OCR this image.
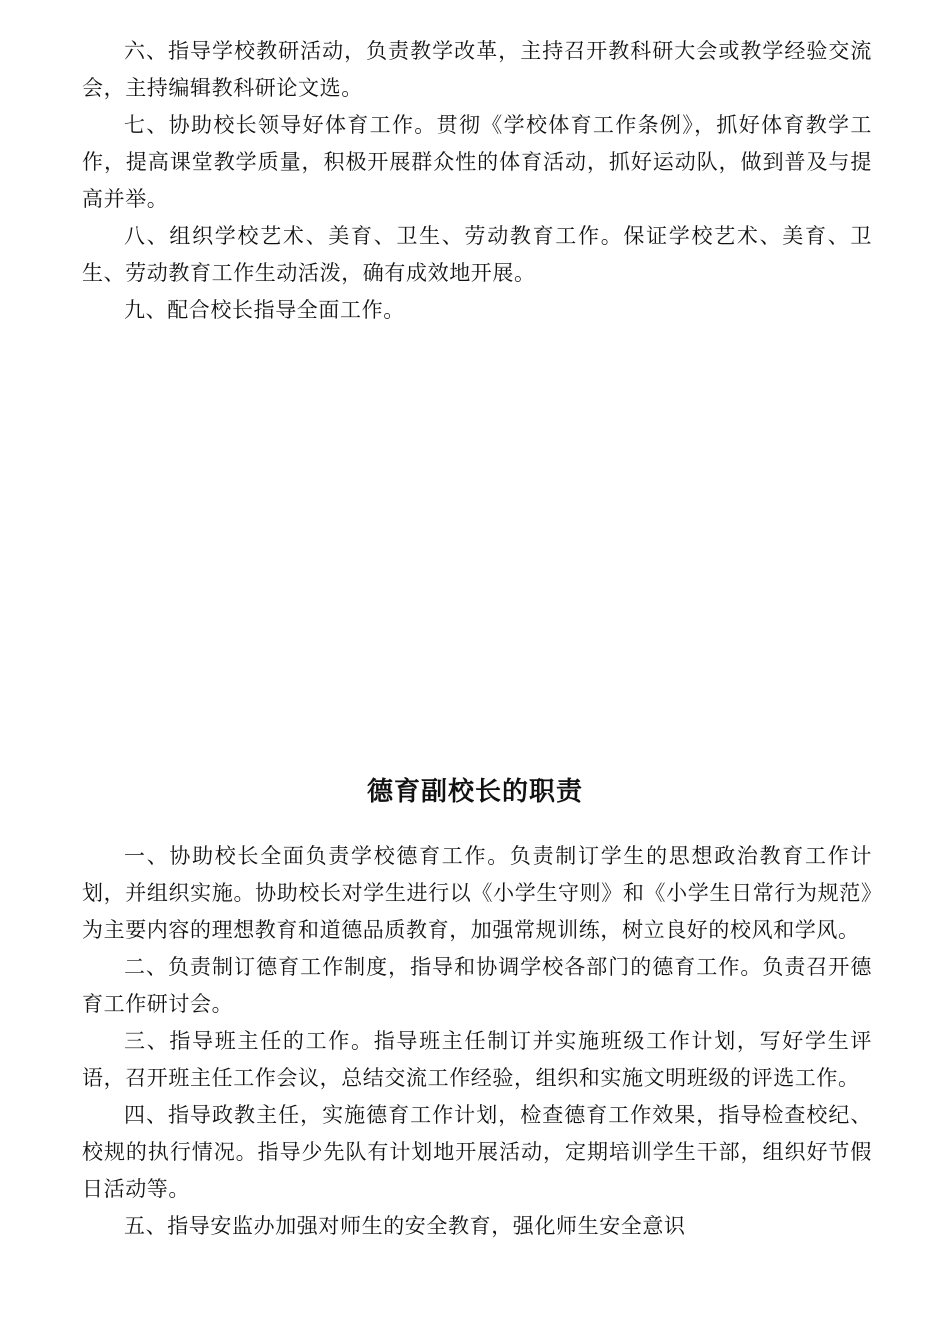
六、指导学校教研活动，负责教学改革，主持召开教科研大会或教学经验交流会，主持编辑教科研论文选。

七、协助校长领导好体育工作。贯彻《学校体育工作条例》，抓好体育教学工作，提高课堂教学质量，积极开展群众性的体育活动，抓好运动队，做到普及与提高并举。

八、组织学校艺术、美育、卫生、劳动教育工作。保证学校艺术、美育、卫生、劳动教育工作生动活泼，确有成效地开展。

九、配合校长指导全面工作。

德育副校长的职责

一、协助校长全面负责学校德育工作。负责制订学生的思想政治教育工作计划，并组织实施。协助校长对学生进行以《小学生守则》和《小学生日常行为规范》为主要内容的理想教育和道德品质教育，加强常规训练，树立良好的校风和学风。

二、负责制订德育工作制度，指导和协调学校各部门的德育工作。负责召开德育工作研讨会。

三、指导班主任的工作。指导班主任制订并实施班级工作计划，写好学生评语，召开班主任工作会议，总结交流工作经验，组织和实施文明班级的评选工作。

四、指导政教主任，实施德育工作计划，检查德育工作效果，指导检查校纪、校规的执行情况。指导少先队有计划地开展活动，定期培训学生干部，组织好节假日活动等。

五、指导安监办加强对师生的安全教育，强化师生安全意识
